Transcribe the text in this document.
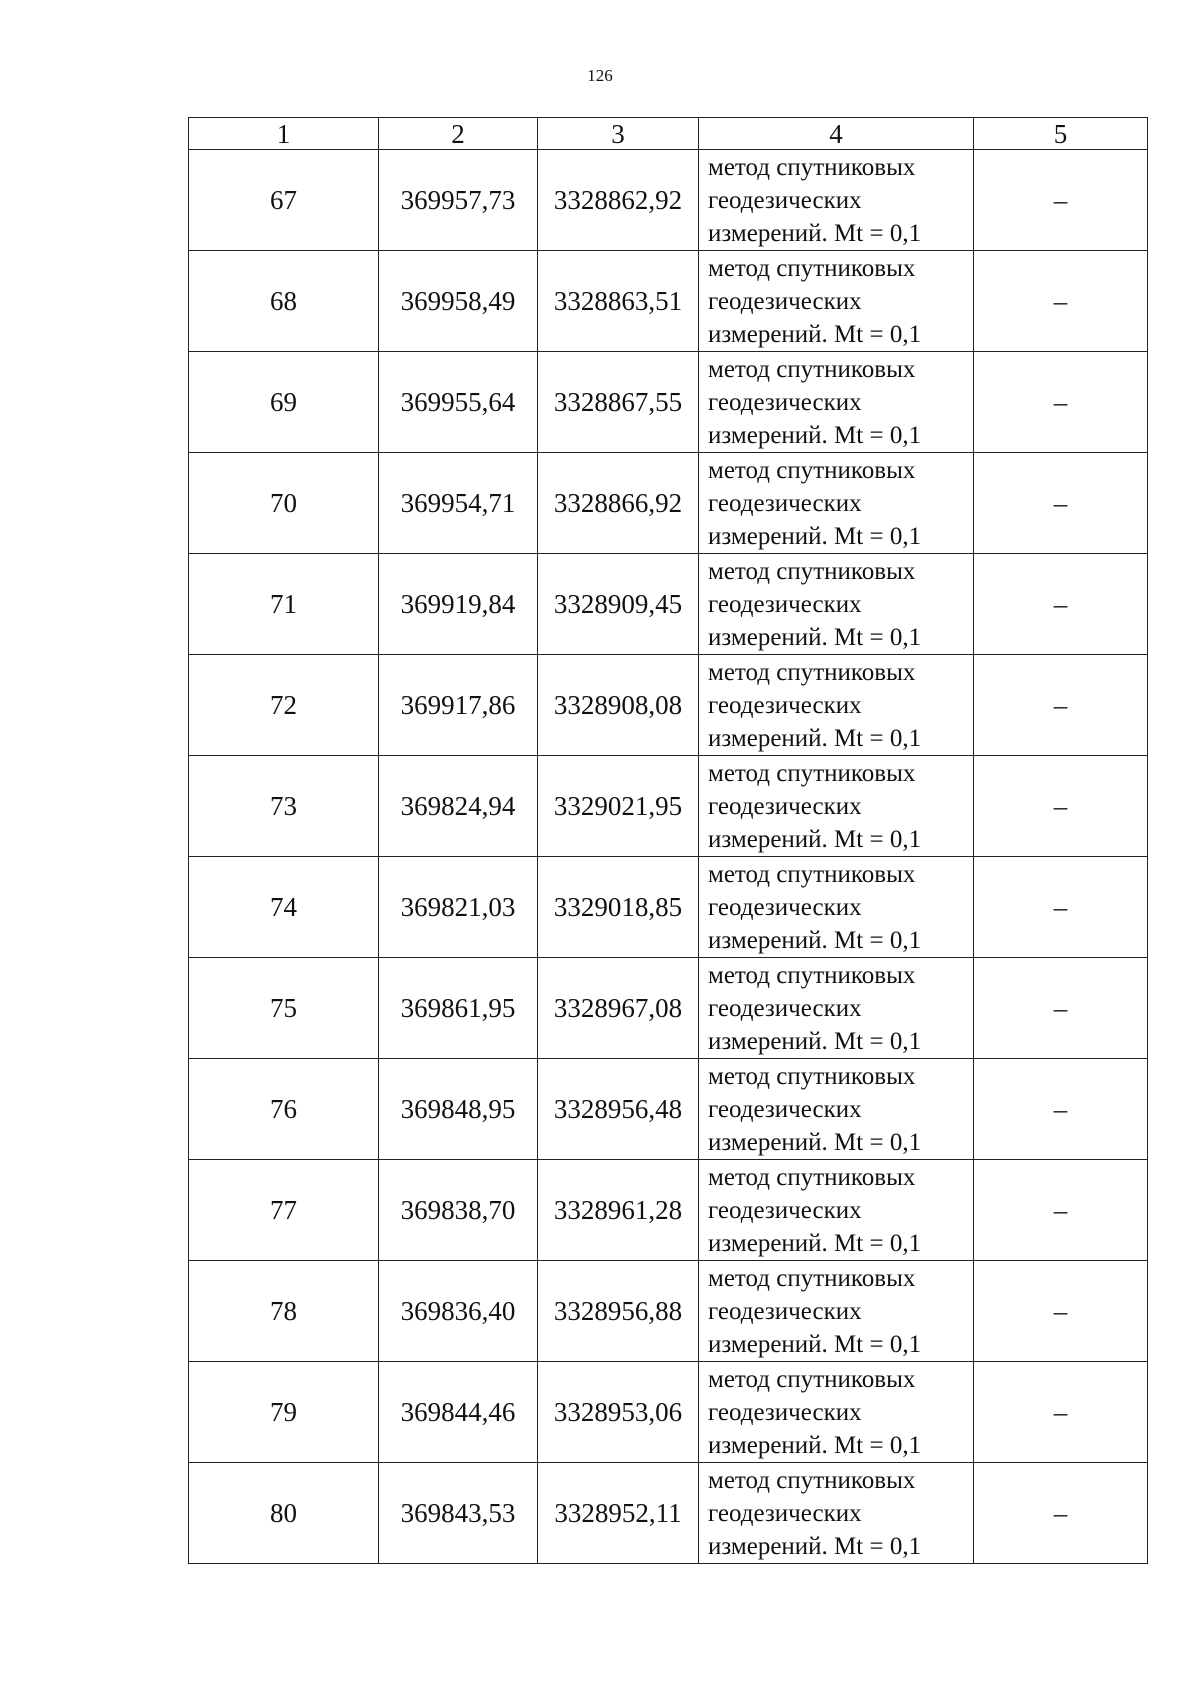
126
1	2	3	4	5
67	369957,73	3328862,92	метод спутниковых
геодезических
измерений. Mt = 0,1	–
68	369958,49	3328863,51	метод спутниковых
геодезических
измерений. Mt = 0,1	–
69	369955,64	3328867,55	метод спутниковых
геодезических
измерений. Mt = 0,1	–
70	369954,71	3328866,92	метод спутниковых
геодезических
измерений. Mt = 0,1	–
71	369919,84	3328909,45	метод спутниковых
геодезических
измерений. Mt = 0,1	–
72	369917,86	3328908,08	метод спутниковых
геодезических
измерений. Mt = 0,1	–
73	369824,94	3329021,95	метод спутниковых
геодезических
измерений. Mt = 0,1	–
74	369821,03	3329018,85	метод спутниковых
геодезических
измерений. Mt = 0,1	–
75	369861,95	3328967,08	метод спутниковых
геодезических
измерений. Mt = 0,1	–
76	369848,95	3328956,48	метод спутниковых
геодезических
измерений. Mt = 0,1	–
77	369838,70	3328961,28	метод спутниковых
геодезических
измерений. Mt = 0,1	–
78	369836,40	3328956,88	метод спутниковых
геодезических
измерений. Mt = 0,1	–
79	369844,46	3328953,06	метод спутниковых
геодезических
измерений. Mt = 0,1	–
80	369843,53	3328952,11	метод спутниковых
геодезических
измерений. Mt = 0,1	–
